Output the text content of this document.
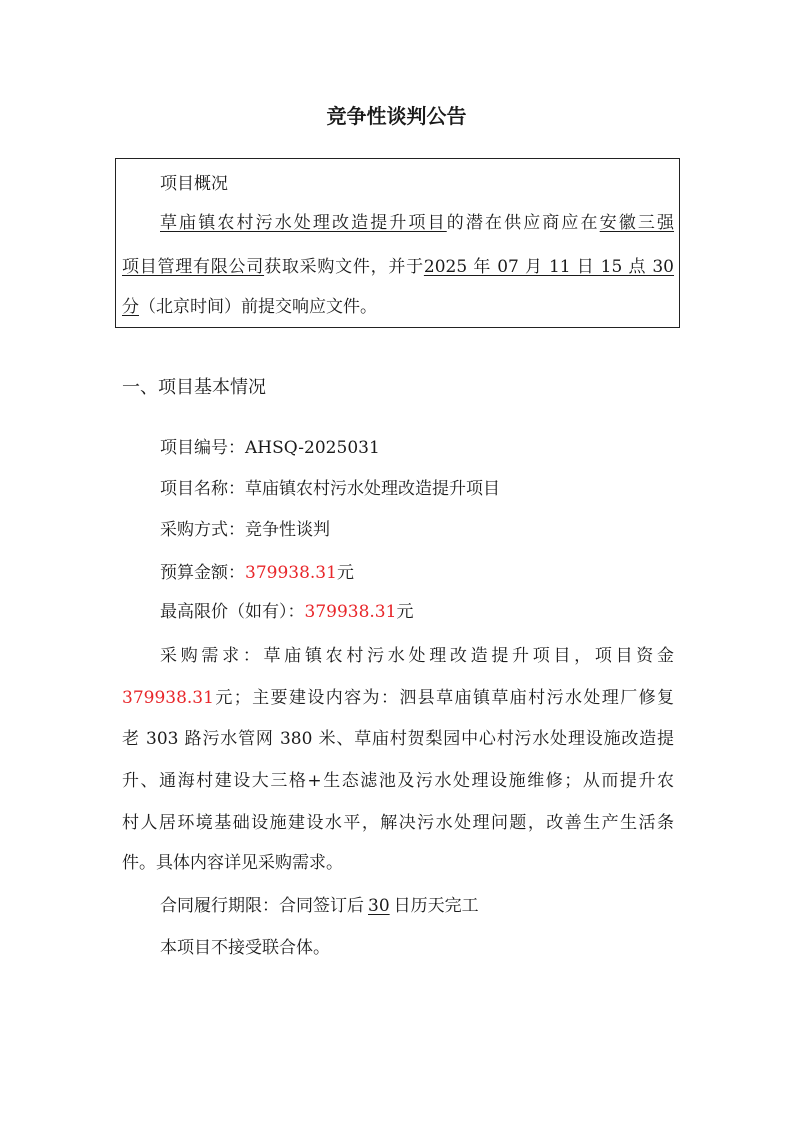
竞争性谈判公告
项目概况
草庙镇农村污水处理改造提升项目的潜在供应商应在安徽三强
项目管理有限公司获取采购文件，并于2025 年 07 月 11 日 15 点 30
分（北京时间）前提交响应文件。
一、项目基本情况
项目编号：AHSQ-2025031
项目名称：草庙镇农村污水处理改造提升项目
采购方式：竞争性谈判
预算金额：379938.31元
最高限价（如有）：379938.31元
采购需求：草庙镇农村污水处理改造提升项目，项目资金
379938.31元；主要建设内容为：泗县草庙镇草庙村污水处理厂修复
老 303 路污水管网 380 米、草庙村贺梨园中心村污水处理设施改造提
升、通海村建设大三格+生态滤池及污水处理设施维修；从而提升农
村人居环境基础设施建设水平，解决污水处理问题，改善生产生活条
件。具体内容详见采购需求。
合同履行期限：合同签订后 30 日历天完工
本项目不接受联合体。
